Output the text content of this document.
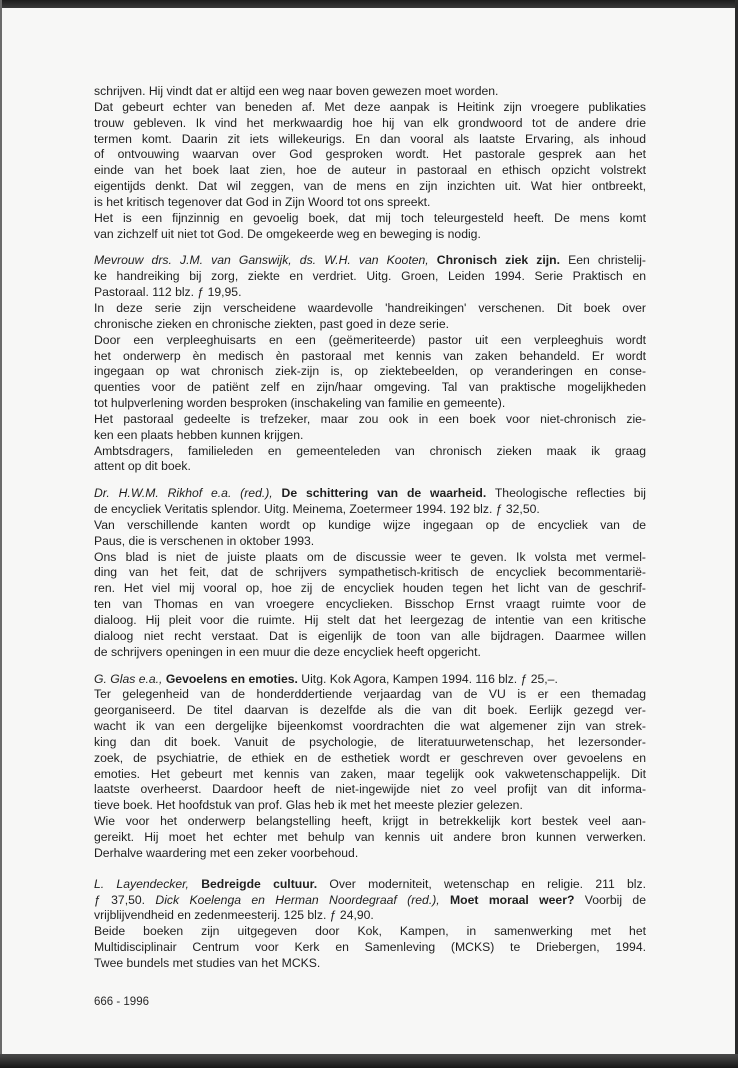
schrijven. Hij vindt dat er altijd een weg naar boven gewezen moet worden.
Dat gebeurt echter van beneden af. Met deze aanpak is Heitink zijn vroegere publikaties
trouw gebleven. Ik vind het merkwaardig hoe hij van elk grondwoord tot de andere drie
termen komt. Daarin zit iets willekeurigs. En dan vooral als laatste Ervaring, als inhoud
of ontvouwing waarvan over God gesproken wordt. Het pastorale gesprek aan het
einde van het boek laat zien, hoe de auteur in pastoraal en ethisch opzicht volstrekt
eigentijds denkt. Dat wil zeggen, van de mens en zijn inzichten uit. Wat hier ontbreekt,
is het kritisch tegenover dat God in Zijn Woord tot ons spreekt.
Het is een fijnzinnig en gevoelig boek, dat mij toch teleurgesteld heeft. De mens komt
van zichzelf uit niet tot God. De omgekeerde weg en beweging is nodig.
Mevrouw drs. J.M. van Ganswijk, ds. W.H. van Kooten, Chronisch ziek zijn. Een christelij-
ke handreiking bij zorg, ziekte en verdriet. Uitg. Groen, Leiden 1994. Serie Praktisch en
Pastoraal. 112 blz. ƒ 19,95.
In deze serie zijn verscheidene waardevolle 'handreikingen' verschenen. Dit boek over
chronische zieken en chronische ziekten, past goed in deze serie.
Door een verpleeghuisarts en een (geëmeriteerde) pastor uit een verpleeghuis wordt
het onderwerp èn medisch èn pastoraal met kennis van zaken behandeld. Er wordt
ingegaan op wat chronisch ziek-zijn is, op ziektebeelden, op veranderingen en conse-
quenties voor de patiënt zelf en zijn/haar omgeving. Tal van praktische mogelijkheden
tot hulpverlening worden besproken (inschakeling van familie en gemeente).
Het pastoraal gedeelte is trefzeker, maar zou ook in een boek voor niet-chronisch zie-
ken een plaats hebben kunnen krijgen.
Ambtsdragers, familieleden en gemeenteleden van chronisch zieken maak ik graag
attent op dit boek.
Dr. H.W.M. Rikhof e.a. (red.), De schittering van de waarheid. Theologische reflecties bij
de encycliek Veritatis splendor. Uitg. Meinema, Zoetermeer 1994. 192 blz. ƒ 32,50.
Van verschillende kanten wordt op kundige wijze ingegaan op de encycliek van de
Paus, die is verschenen in oktober 1993.
Ons blad is niet de juiste plaats om de discussie weer te geven. Ik volsta met vermel-
ding van het feit, dat de schrijvers sympathetisch-kritisch de encycliek becommentarië-
ren. Het viel mij vooral op, hoe zij de encycliek houden tegen het licht van de geschrif-
ten van Thomas en van vroegere encyclieken. Bisschop Ernst vraagt ruimte voor de
dialoog. Hij pleit voor die ruimte. Hij stelt dat het leergezag de intentie van een kritische
dialoog niet recht verstaat. Dat is eigenlijk de toon van alle bijdragen. Daarmee willen
de schrijvers openingen in een muur die deze encycliek heeft opgericht.
G. Glas e.a., Gevoelens en emoties. Uitg. Kok Agora, Kampen 1994. 116 blz. ƒ 25,–.
Ter gelegenheid van de honderddertiende verjaardag van de VU is er een themadag
georganiseerd. De titel daarvan is dezelfde als die van dit boek. Eerlijk gezegd ver-
wacht ik van een dergelijke bijeenkomst voordrachten die wat algemener zijn van strek-
king dan dit boek. Vanuit de psychologie, de literatuurwetenschap, het lezersonder-
zoek, de psychiatrie, de ethiek en de esthetiek wordt er geschreven over gevoelens en
emoties. Het gebeurt met kennis van zaken, maar tegelijk ook vakwetenschappelijk. Dit
laatste overheerst. Daardoor heeft de niet-ingewijde niet zo veel profijt van dit informa-
tieve boek. Het hoofdstuk van prof. Glas heb ik met het meeste plezier gelezen.
Wie voor het onderwerp belangstelling heeft, krijgt in betrekkelijk kort bestek veel aan-
gereikt. Hij moet het echter met behulp van kennis uit andere bron kunnen verwerken.
Derhalve waardering met een zeker voorbehoud.
L. Layendecker, Bedreigde cultuur. Over moderniteit, wetenschap en religie. 211 blz.
ƒ 37,50. Dick Koelenga en Herman Noordegraaf (red.), Moet moraal weer? Voorbij de
vrijblijvendheid en zedenmeesterij. 125 blz. ƒ 24,90.
Beide boeken zijn uitgegeven door Kok, Kampen, in samenwerking met het
Multidisciplinair Centrum voor Kerk en Samenleving (MCKS) te Driebergen, 1994.
Twee bundels met studies van het MCKS.
666 - 1996
